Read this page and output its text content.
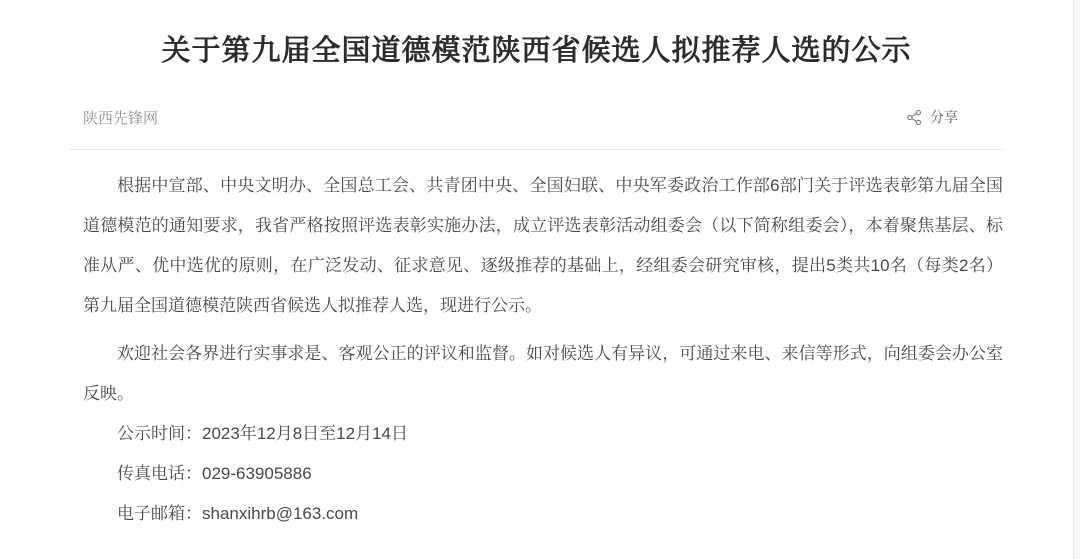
关于第九届全国道德模范陕西省候选人拟推荐人选的公示
陕西先锋网	分享

根据中宣部、中央文明办、全国总工会、共青团中央、全国妇联、中央军委政治工作部6部门关于评选表彰第九届全国道德模范的通知要求，我省严格按照评选表彰实施办法，成立评选表彰活动组委会（以下简称组委会），本着聚焦基层、标准从严、优中选优的原则，在广泛发动、征求意见、逐级推荐的基础上，经组委会研究审核，提出5类共10名（每类2名）第九届全国道德模范陕西省候选人拟推荐人选，现进行公示。

欢迎社会各界进行实事求是、客观公正的评议和监督。如对候选人有异议，可通过来电、来信等形式，向组委会办公室反映。

公示时间：2023年12月8日至12月14日

传真电话：029-63905886

电子邮箱：shanxihrb@163.com
